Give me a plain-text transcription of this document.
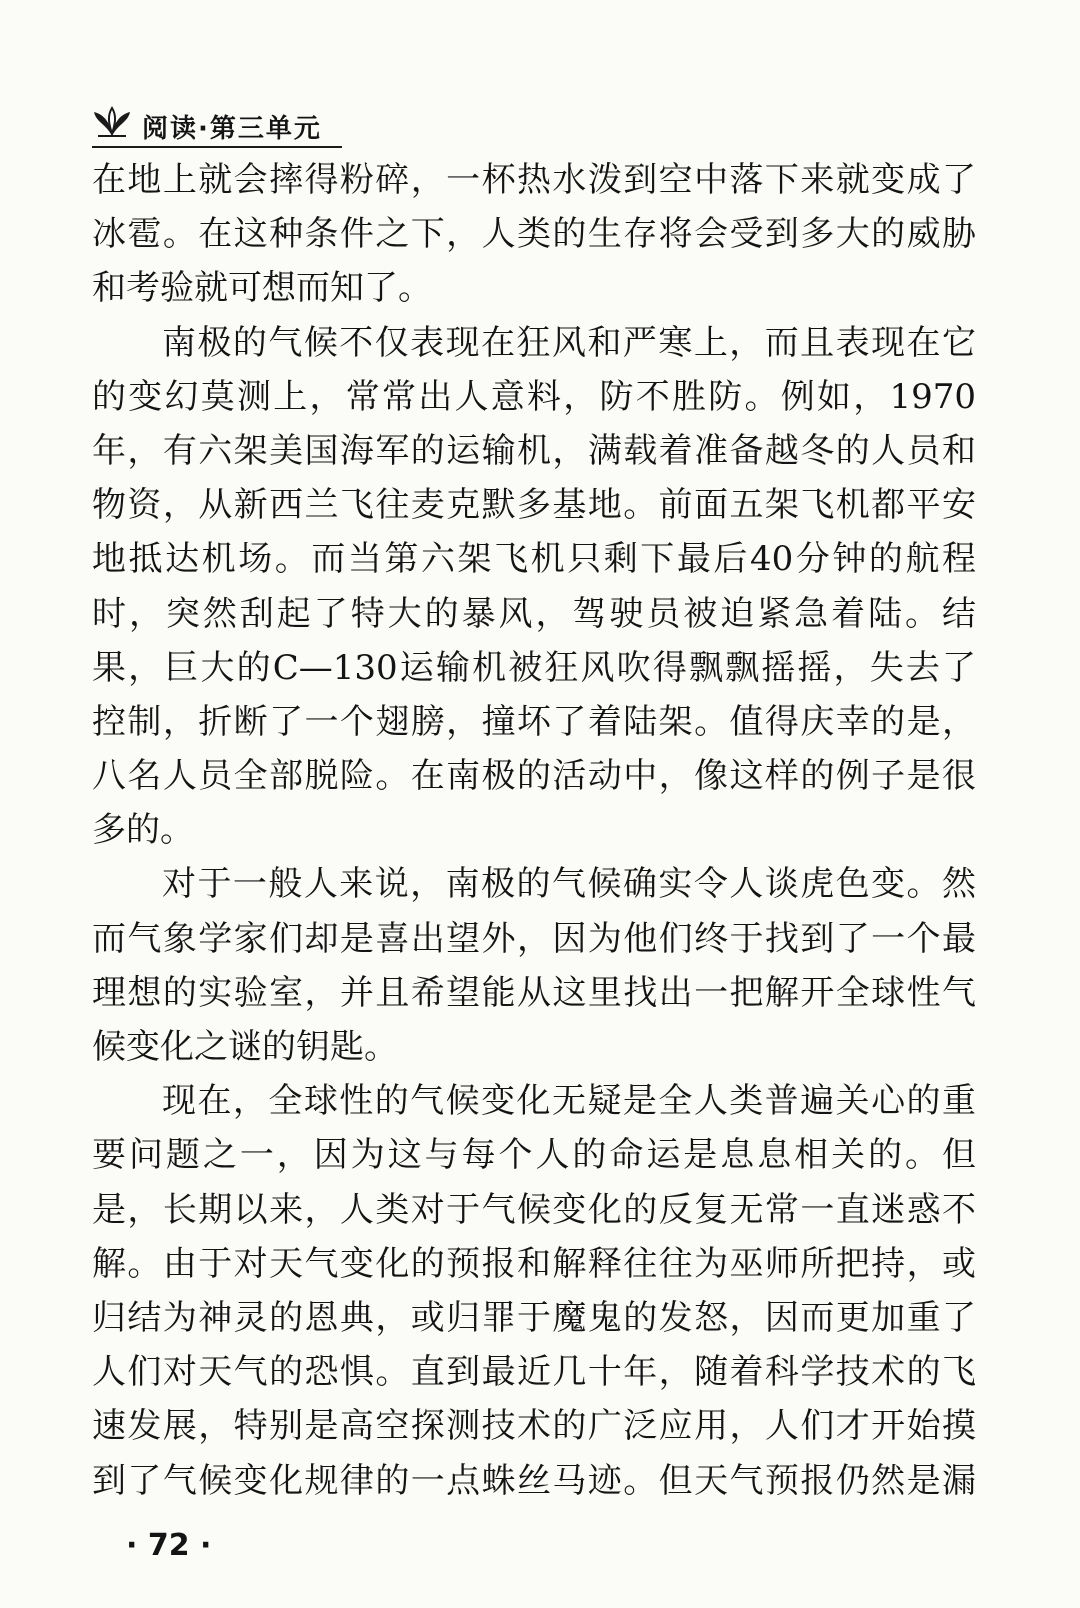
阅读·第三单元
在地上就会摔得粉碎，一杯热水泼到空中落下来就变成了
冰雹。在这种条件之下，人类的生存将会受到多大的威胁
和考验就可想而知了。
南极的气候不仅表现在狂风和严寒上，而且表现在它
的变幻莫测上，常常出人意料，防不胜防。例如，1970
年，有六架美国海军的运输机，满载着准备越冬的人员和
物资，从新西兰飞往麦克默多基地。前面五架飞机都平安
地抵达机场。而当第六架飞机只剩下最后40分钟的航程
时，突然刮起了特大的暴风，驾驶员被迫紧急着陆。结
果，巨大的C—130运输机被狂风吹得飘飘摇摇，失去了
控制，折断了一个翅膀，撞坏了着陆架。值得庆幸的是，
八名人员全部脱险。在南极的活动中，像这样的例子是很
多的。
对于一般人来说，南极的气候确实令人谈虎色变。然
而气象学家们却是喜出望外，因为他们终于找到了一个最
理想的实验室，并且希望能从这里找出一把解开全球性气
候变化之谜的钥匙。
现在，全球性的气候变化无疑是全人类普遍关心的重
要问题之一，因为这与每个人的命运是息息相关的。但
是，长期以来，人类对于气候变化的反复无常一直迷惑不
解。由于对天气变化的预报和解释往往为巫师所把持，或
归结为神灵的恩典，或归罪于魔鬼的发怒，因而更加重了
人们对天气的恐惧。直到最近几十年，随着科学技术的飞
速发展，特别是高空探测技术的广泛应用，人们才开始摸
到了气候变化规律的一点蛛丝马迹。但天气预报仍然是漏
· 72 ·
